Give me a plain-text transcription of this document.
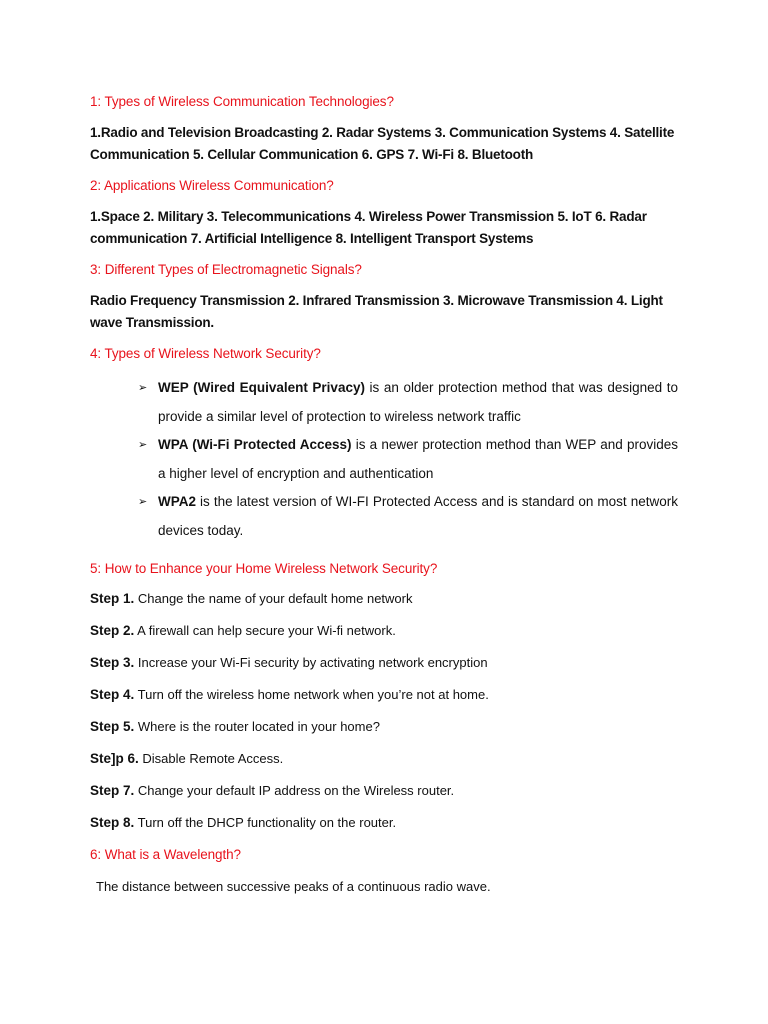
1: Types of Wireless Communication Technologies?
1.Radio and Television Broadcasting 2. Radar Systems 3. Communication Systems 4. Satellite Communication 5. Cellular Communication 6. GPS 7. Wi-Fi 8. Bluetooth
2: Applications Wireless Communication?
1.Space 2. Military 3. Telecommunications 4. Wireless Power Transmission 5. IoT 6. Radar communication 7. Artificial Intelligence 8. Intelligent Transport Systems
3: Different Types of Electromagnetic Signals?
Radio Frequency Transmission 2. Infrared Transmission 3. Microwave Transmission 4. Light wave Transmission.
4: Types of Wireless Network Security?
➢ WEP (Wired Equivalent Privacy) is an older protection method that was designed to provide a similar level of protection to wireless network traffic
➢ WPA (Wi-Fi Protected Access) is a newer protection method than WEP and provides a higher level of encryption and authentication
➢ WPA2 is the latest version of WI-FI Protected Access and is standard on most network devices today.
5: How to Enhance your Home Wireless Network Security?
Step 1. Change the name of your default home network
Step 2. A firewall can help secure your Wi-fi network.
Step 3. Increase your Wi-Fi security by activating network encryption
Step 4. Turn off the wireless home network when you’re not at home.
Step 5. Where is the router located in your home?
Ste]p 6. Disable Remote Access.
Step 7. Change your default IP address on the Wireless router.
Step 8. Turn off the DHCP functionality on the router.
6: What is a Wavelength?
The distance between successive peaks of a continuous radio wave.
